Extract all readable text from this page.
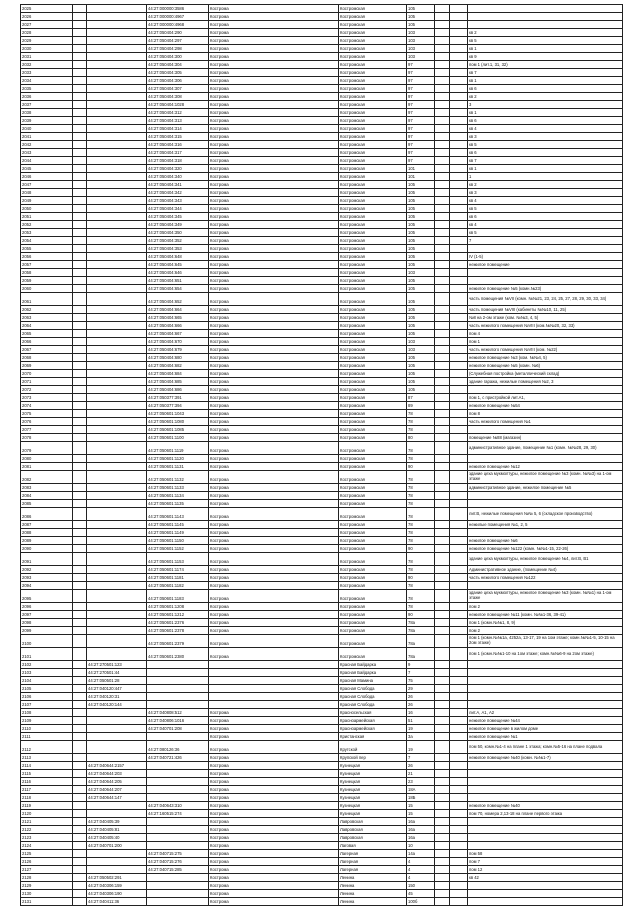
2025			44:27:000000:3586	Кострома	Костромская	105			
2026			44:27:000000:4967	Кострома	Костромская	105			
2027			44:27:000000:4968	Кострома	Костромская	105			
2028			44:27:050404:290	Кострома	Костромская	103			кв 2
2029			44:27:050404:297	Кострома	Костромская	103			кв 5
2030			44:27:050404:298	Кострома	Костромская	103			кв 1
2031			44:27:050404:300	Кострома	Костромская	103			кв 9
2032			44:27:050404:304	Кострома	Костромская	97			пом 1 (лит.1, 31, 32)
2033			44:27:050404:305	Кострома	Костромская	97			кв 7
2034			44:27:050404:306	Кострома	Костромская	97			кв 1
2035			44:27:050404:307	Кострома	Костромская	97			кв 6
2036			44:27:050404:308	Кострома	Костромская	97			кв 2
2037			44:27:050404:1028	Кострома	Костромская	97			3
2038			44:27:050404:312	Кострома	Костромская	97			кв 1
2039			44:27:050404:313	Кострома	Костромская	97			кв 6
2040			44:27:050404:314	Кострома	Костромская	97			кв 4
2041			44:27:050404:315	Кострома	Костромская	97			кв 3
2042			44:27:050404:316	Кострома	Костромская	97			кв 5
2043			44:27:050404:317	Кострома	Костромская	97			кв 6
2044			44:27:050404:318	Кострома	Костромская	97			кв 7
2045			44:27:050404:320	Кострома	Костромская	101			кв 1
2046			44:27:050404:340	Кострома	Костромская	101			1
2047			44:27:050404:341	Кострома	Костромская	105			кв 2
2048			44:27:050404:342	Кострома	Костромская	105			кв 3
2049			44:27:050404:343	Кострома	Костромская	105			кв 4
2050			44:27:050404:344	Кострома	Костромская	105			кв 5
2051			44:27:050404:345	Кострома	Костромская	105			кв 6
2052			44:27:050404:349	Кострома	Костромская	105			кв 4
2053			44:27:050404:350	Кострома	Костромская	105			кв 5
2054			44:27:050404:352	Кострома	Костромская	105			7
2055			44:27:050404:353	Кострома	Костромская	105			
2056			44:27:050404:648	Кострома	Костромская	105			IV (1-5)
2057			44:27:050404:645	Кострома	Костромская	105			нежилое помещение
2058			44:27:050404:646	Кострома	Костромская	103			
2059			44:27:050404:651	Кострома	Костромская	105			
2060			44:27:050404:654	Кострома	Костромская	105			нежилое помещение №5 (комн.№23)
2061			44:27:050404:652	Кострома	Костромская	105			часть помещения №VII (комн. №№21, 23, 24, 25, 27, 28, 29, 30, 33, 34)
2062			44:27:050404:664	Кострома	Костромская	105			часть помещения №VIII (кабинеты №№10, 11, 25)
2063			44:27:050404:665	Кострома	Костромская	105			№8 на 2-ом этаже (ком. №№3, 4, 5)
2064			44:27:050404:666	Кострома	Костромская	105			часть нежилого помещения №VIII (ком.№№20, 32, 33)
2065			44:27:050404:667	Кострома	Костромская	105			пом 4
2066			44:27:050404:670	Кострома	Костромская	103			пом 1
2067			44:27:050404:679	Кострома	Костромская	103			часть нежилого помещения №VIII (ком. №22)
2068			44:27:050404:680	Кострома	Костромская	105			нежилое помещение №3 (ком. №№4, 5)
2069			44:27:050404:682	Кострома	Костромская	105			нежилое помещение №5 (комн. №6)
2070			44:27:050404:684	Кострома	Костромская	105			(Служебная постройка (металлический склад)
2071			44:27:050404:685	Кострома	Костромская	105			здание гаража, нежилые помещения №2, 3
2072			44:27:050404:686	Кострома	Костромская	105			
2073			44:27:050377:391	Кострома	Костромская	87			пом 1, с пристройкой лит.А1,
2074			44:27:050377:394	Кострома	Костромская	89			нежилое помещение №54
2075			44:27:050601:1043	Кострома	Костромская	78			пом 8
2076			44:27:050601:1080	Кострома	Костромская	78			часть нежилого помещения №1
2077			44:27:050601:1085	Кострома	Костромская	78			
2078			44:27:050601:1100	Кострома	Костромская	80			помещение №88 (магазин)
2079			44:27:050601:1119	Кострома	Костромская	78			административное здание, помещение №1 (комн. №№28, 29, 30)
2080			44:27:050601:1120	Кострома	Костромская	78			
2081			44:27:050601:1131	Кострома	Костромская	90			нежилое помещение №12
2082			44:27:050601:1132	Кострома	Костромская	78			здание цеха мукмолтуры, нежилое помещение №3 (комн. №№3) на 1-ом этаже
2083			44:27:050601:1133	Кострома	Костромская	78			административное здание, нежилое помещение №5
2084			44:27:050601:1134	Кострома	Костромская	78			
2085			44:27:050601:1135	Кострома	Костромская	78			
2086			44:27:050601:1143	Кострома	Костромская	78			лит.В, нежилые помещения №№ 5, 6 (складское производство)
2087			44:27:050601:1145	Кострома	Костромская	78			нежилые помещения №1, 2, 5
2088			44:27:050601:1149	Кострома	Костромская	78			
2089			44:27:050601:1150	Кострома	Костромская	78			нежилое помещение №6
2090			44:27:050601:1152	Кострома	Костромская	90			нежилое помещение №122 (комн. №№1-15, 22-26)
2091			44:27:050601:1153	Кострома	Костромская	78			здание цеха мукмолтуры, нежилое помещение №4, лит.В, В1
2092			44:27:050601:1174	Кострома	Костромская	78			Административное здание, (помещение №4)
2093			44:27:050601:1181	Кострома	Костромская	90			часть нежилого помещения №122
2094			44:27:050601:1182	Кострома	Костромская	78			
2095			44:27:050601:1183	Кострома	Костромская	78			здание цеха мукмолтуры, нежилое помещение №3 (комн. №№1) на 1-ом этаже
2096			44:27:050601:1208	Кострома	Костромская	78			пом 2
2097			44:27:050601:1212	Кострома	Костромская	90			нежилое помещение №11 (комн. №№1-36, 39-41)
2098			44:27:050601:2376	Кострома	Костромская	78а			пом 1 (комн.№№1, 8, 9)
2099			44:27:050601:2378	Кострома	Костромская	78а			пом 2
2100			44:27:050601:2379	Кострома	Костромская	78а			пом 1 (комн.№№1а, 4252а, 13-17, 19 на 1ом этаже; комн.№№1-5, 10-15 на 2ом этаже)
2101			44:27:050601:2380	Кострома	Костромская	78а			пом 1 (комн.№№1-10 на 1ом этаже; комн.№№6-9 на 2ом этаже)
2102		44:27:270501:123			Красная Байдарка	9			
2103		44:27:270501:44			Красная Байдарка	7			
2104		44:27:050501:28			Красная Мамина	75			
2105		44:27:040120:447			Красная Слобода	29			
2106		44:27:040120:31			Красная Слобода	26			
2107		44:27:040120:144			Красная Слобода	26			
2108			44:27:040808:512	Кострома	Красносельская	16			лит.А, А1, А2
2109			44:27:040806:1016	Кострома	Красноармейская	51			нежилое помещение №44
2110			44:27:040701:208	Кострома	Красноармейская	19			нежилое помещение в жилом доме
2111				Кострома	Кристанская	3а			нежилое помещение №1
2112			44:27:080126:36	Кострома	Крутской	19			пом 50, комн.№1-4 на плане 1 этажа; комн.№5-16 на плане подвала
2113			44:27:040721:426	Кострома	Крупской пер	7			нежилое помещение №40 (комн. №№1-7)
2114		44:27:040644:2157		Кострома	Кузнецкая	26			
2115		44:27:040644:203		Кострома	Кузнецкая	21			
2116		44:27:040644:205		Кострома	Кузнецкая	23			
2117		44:27:040644:207		Кострома	Кузнецкая	18А			
2118		44:27:040644:147		Кострома	Кузнецкая	18Б			
2119			44:27:040643:310	Кострома	Кузнецкая	15			нежилое помещение №40
2120			44:27:160515:274	Кострома	Кузнецкая	15			пом 70, номера 2,13-18 на плане первого этажа
2121		44:27:040405:39		Кострома	Лавровская	16а			
2122		44:27:040405:81		Кострома	Лавровская	16а			
2123		44:27:040405:40		Кострома	Лавровская	16а			
2124		44:27:040701:200		Кострома	Лаговая	10			
2125			44:27:040715:275	Кострома	Лагерная	14а			пом 58
2126			44:27:040715:276	Кострома	Лагерная	4			пом 7
2127			44:27:040715:285	Кострома	Лагерная	4			пом 12
2128		44:27:050502:291		Кострома	Ленина	4			кв 42
2129		44:27:040306:159		Кострома	Ленина	150			
2130		44:27:040306:190		Кострома	Ленина	45			
2131		44:27:040411:36		Кострома	Ленина	100б			
